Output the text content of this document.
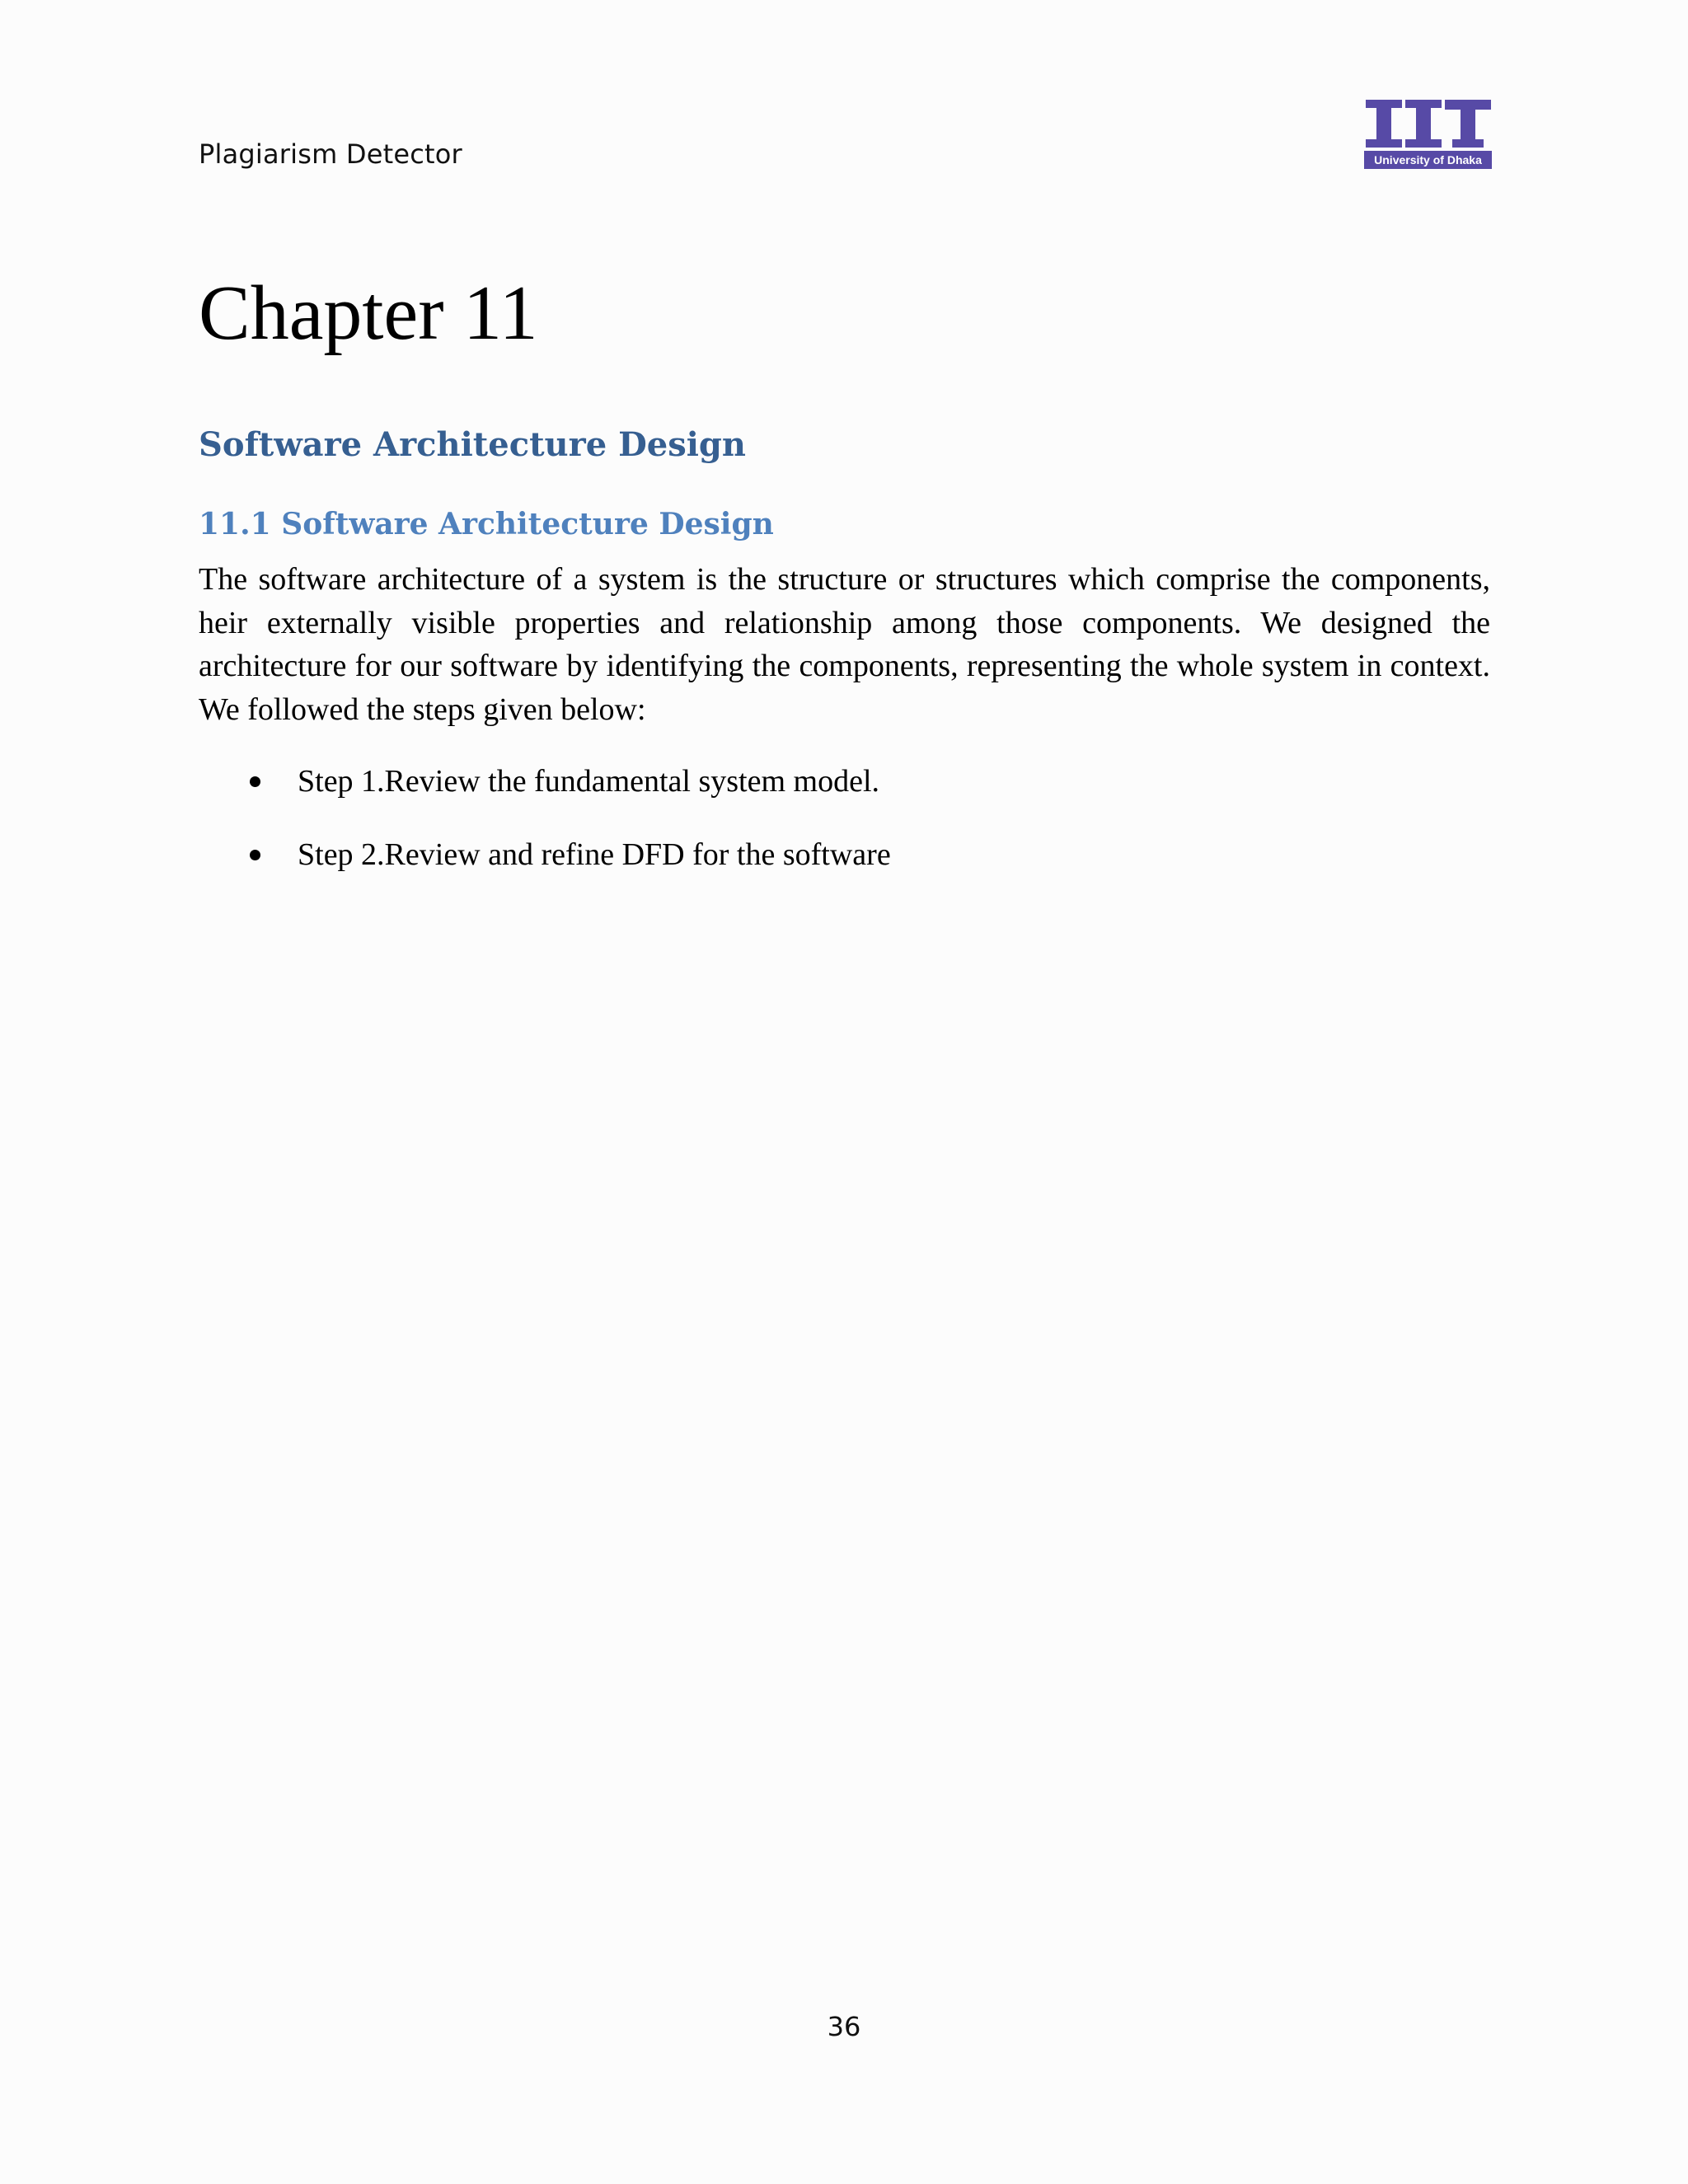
Plagiarism Detector	University of Dhaka
Chapter 11
Software Architecture Design
11.1 Software Architecture Design

The software architecture of a system is the structure or structures which comprise the components, heir externally visible properties and relationship among those components. We designed the architecture for our software by identifying the components, representing the whole system in context. We followed the steps given below:

Step 1.Review the fundamental system model.
Step 2.Review and refine DFD for the software
36
